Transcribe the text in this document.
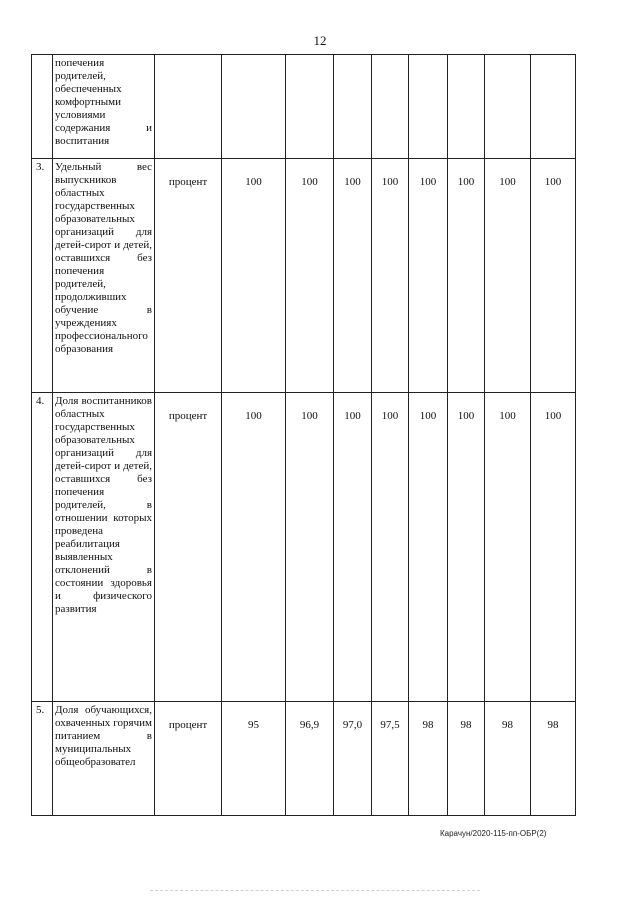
12
	попечения родителей, обеспеченных комфортными условиями содержания и воспитания									
3.	Удельный вес выпускников областных государственных образовательных организаций для детей-сирот и детей, оставшихся без попечения родителей, продолживших обучение в учреждениях профессионального образования	процент	100	100	100	100	100	100	100	100
4.	Доля воспитанников областных государственных образовательных организаций для детей-сирот и детей, оставшихся без попечения родителей, в отношении которых проведена реабилитация выявленных отклонений в состоянии здоровья и физического развития	процент	100	100	100	100	100	100	100	100
5.	Доля обучающихся, охваченных горячим питанием в муниципальных общеобразовател	процент	95	96,9	97,0	97,5	98	98	98	98
Карачун/2020-115-пп-ОБР(2)
